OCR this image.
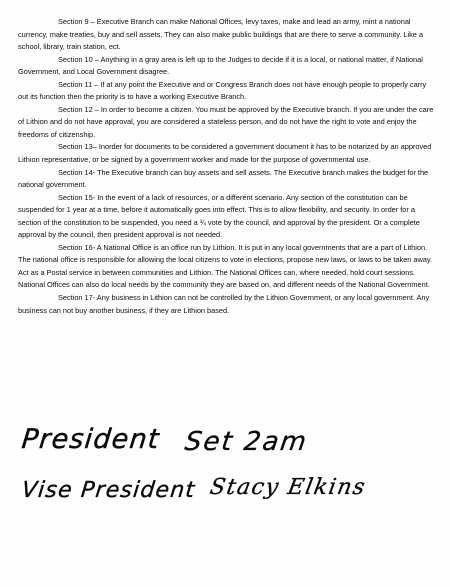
Section 9 – Executive Branch can make National Offices, levy taxes, make and lead an army, mint a national currency, make treaties, buy and sell assets. They can also make public buildings that are there to serve a community. Like a school, library, train station, ect.

Section 10 – Anything in a gray area is left up to the Judges to decide if it is a local, or national matter, if National Government, and Local Government disagree.

Section 11 – If at any point the Executive and or Congress Branch does not have enough people to properly carry out its function then the priority is to have a working Executive Branch.

Section 12 – In order to become a citizen. You must be approved by the Executive branch. If you are under the care of Lithion and do not have approval, you are considered a stateless person, and do not have the right to vote and enjoy the freedoms of citizenship.

Section 13– Inorder for documents to be considered a government document it has to be notarized by an approved Lithion representative, or be signed by a government worker and made for the purpose of governmental use.

Section 14- The Executive branch can buy assets and sell assets. The Executive branch makes the budget for the national government.

Section 15- In the event of a lack of resources, or a different scenario. Any section of the constitution can be suspended for 1 year at a time, before it automatically goes into effect. This is to allow flexibility, and security. In order for a section of the constitution to be suspended, you need a ¾ vote by the council, and approval by the president. Or a complete approval by the council, then president approval is not needed.

Section 16- A National Office is an office run by Lithion. It is put in any local governments that are a part of Lithion. The national office is responsible for allowing the local citizens to vote in elections, propose new laws, or laws to be taken away. Act as a Postal service in between communities and Lithion. The National Offices can, where needed, hold court sessions. National Offices can also do local needs by the community they are based on, and different needs of the National Government.

Section 17- Any business in Lithion can not be controlled by the Lithion Government, or any local government. Any business can not buy another business, if they are Lithion based.

President Set 2am
Vise President Stacy Elkins
